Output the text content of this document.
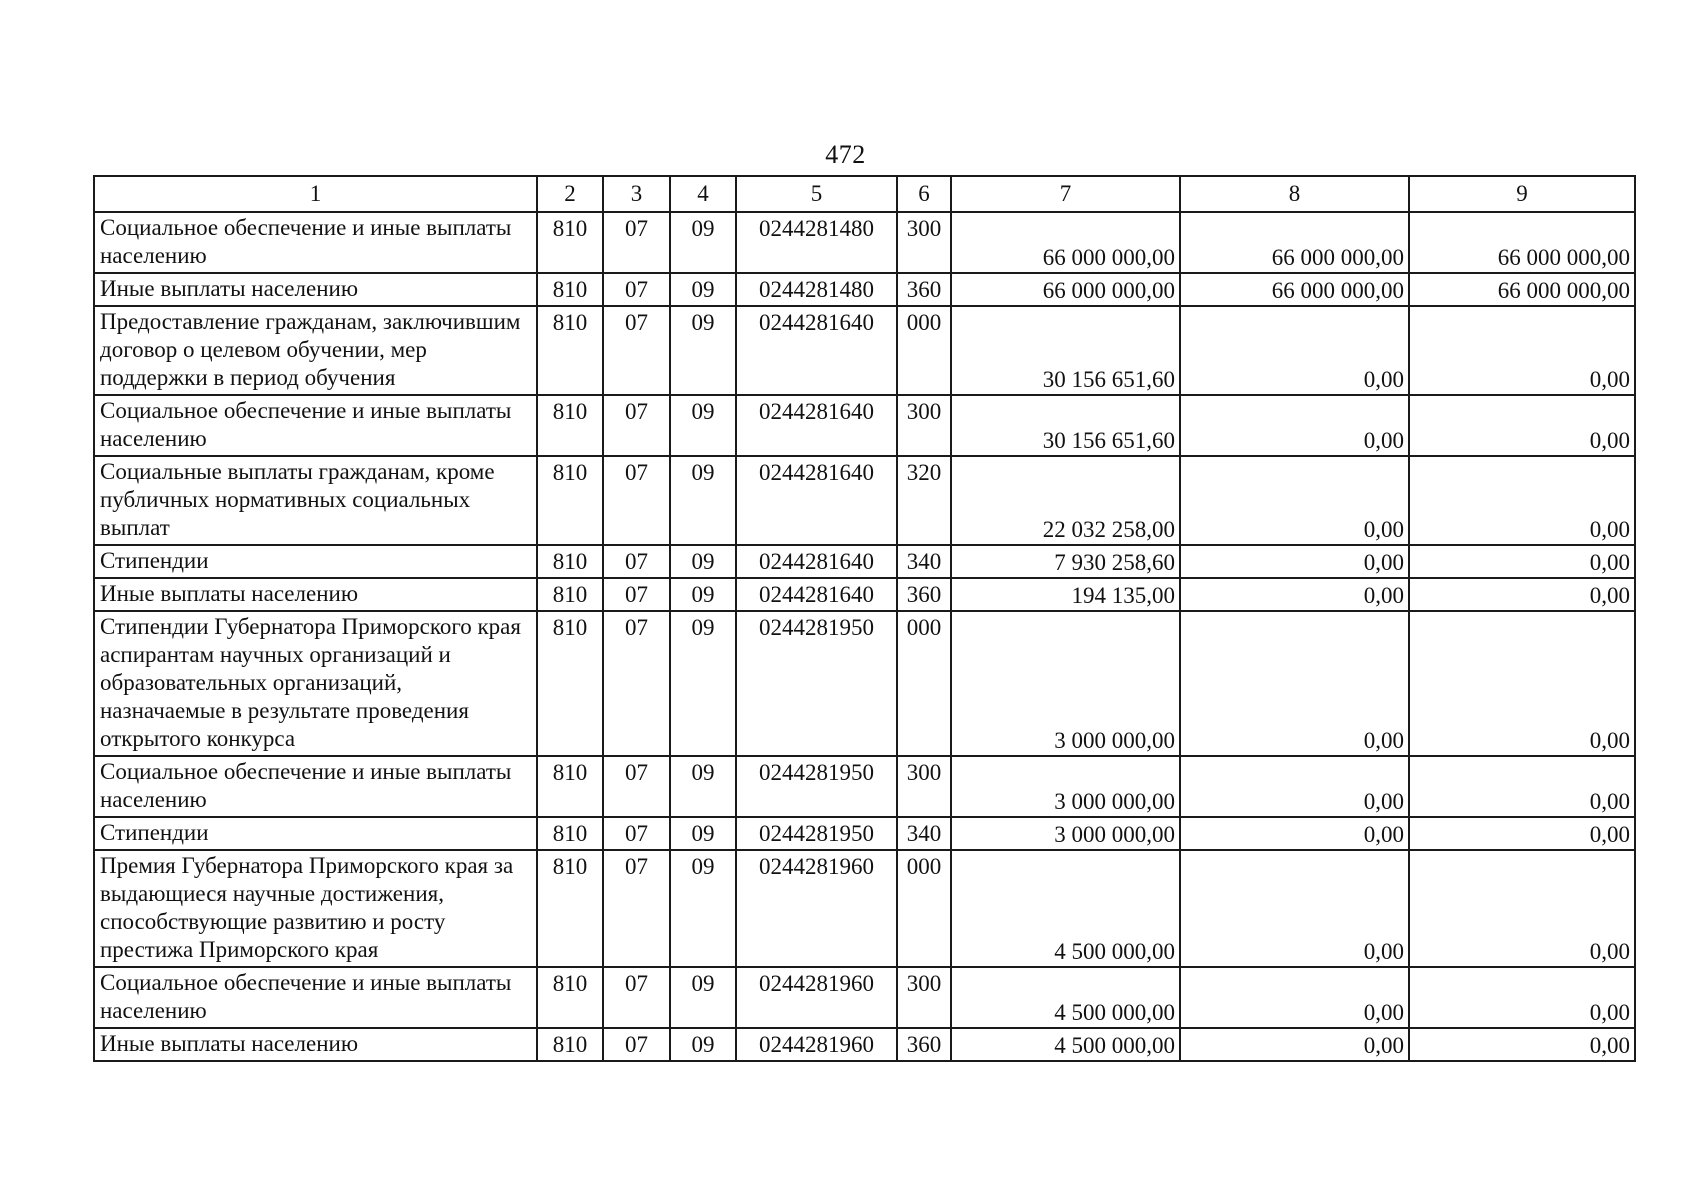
472
1	2	3	4	5	6	7	8	9
Социальное обеспечение и иные выплаты населению	810	07	09	0244281480	300	66 000 000,00	66 000 000,00	66 000 000,00
Иные выплаты населению	810	07	09	0244281480	360	66 000 000,00	66 000 000,00	66 000 000,00
Предоставление гражданам, заключившим договор о целевом обучении, мер поддержки в период обучения	810	07	09	0244281640	000	30 156 651,60	0,00	0,00
Социальное обеспечение и иные выплаты населению	810	07	09	0244281640	300	30 156 651,60	0,00	0,00
Социальные выплаты гражданам, кроме публичных нормативных социальных выплат	810	07	09	0244281640	320	22 032 258,00	0,00	0,00
Стипендии	810	07	09	0244281640	340	7 930 258,60	0,00	0,00
Иные выплаты населению	810	07	09	0244281640	360	194 135,00	0,00	0,00
Стипендии Губернатора Приморского края аспирантам научных организаций и образовательных организаций, назначаемые в результате проведения открытого конкурса	810	07	09	0244281950	000	3 000 000,00	0,00	0,00
Социальное обеспечение и иные выплаты населению	810	07	09	0244281950	300	3 000 000,00	0,00	0,00
Стипендии	810	07	09	0244281950	340	3 000 000,00	0,00	0,00
Премия Губернатора Приморского края за выдающиеся научные достижения, способствующие развитию и росту престижа Приморского края	810	07	09	0244281960	000	4 500 000,00	0,00	0,00
Социальное обеспечение и иные выплаты населению	810	07	09	0244281960	300	4 500 000,00	0,00	0,00
Иные выплаты населению	810	07	09	0244281960	360	4 500 000,00	0,00	0,00
